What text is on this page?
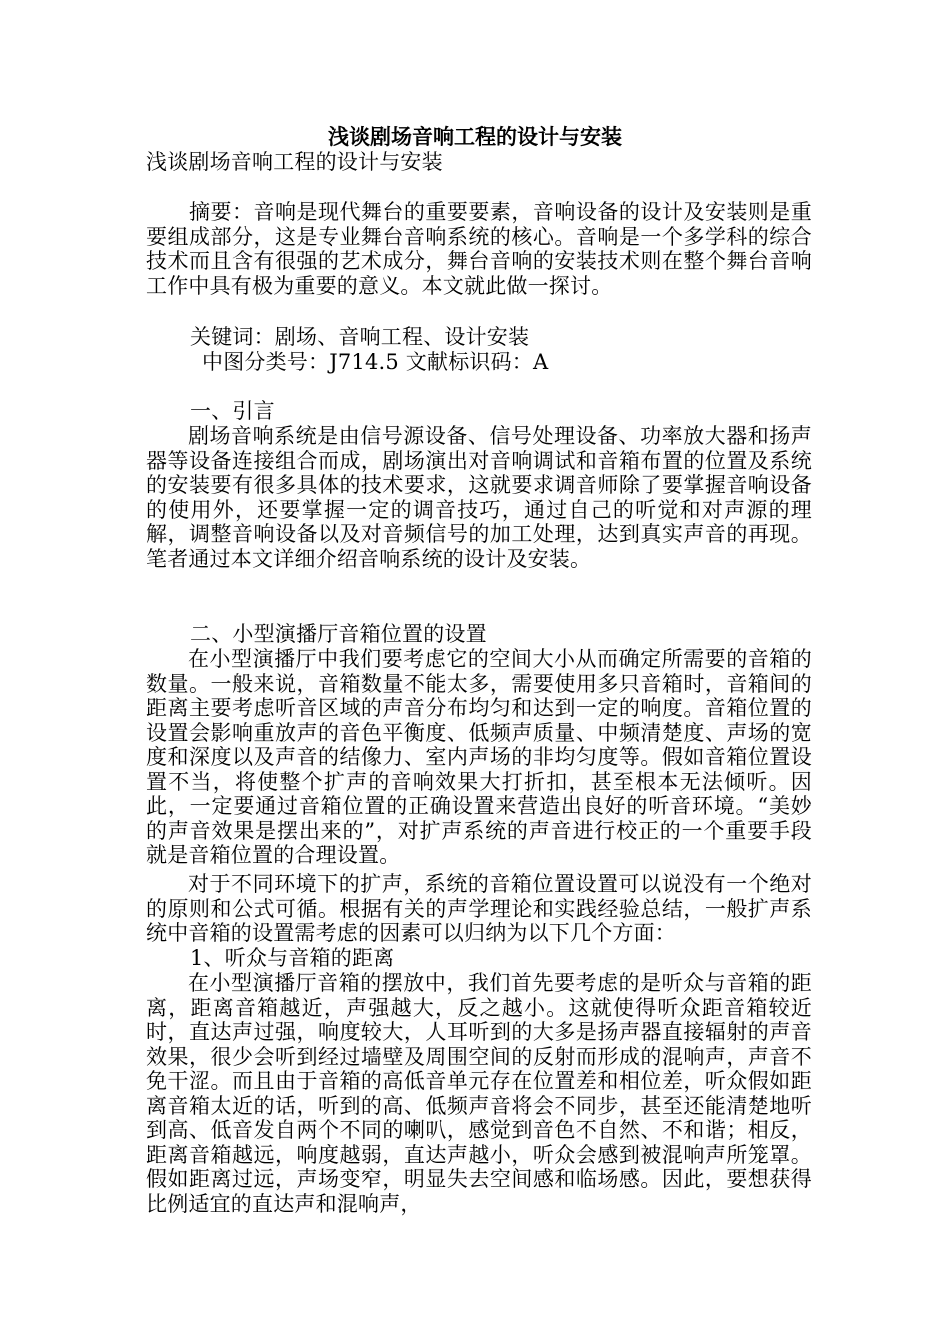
浅谈剧场音响工程的设计与安装
浅谈剧场音响工程的设计与安装
　　摘要：音响是现代舞台的重要要素，音响设备的设计及安装则是重要组成部分，这是专业舞台音响系统的核心。音响是一个多学科的综合技术而且含有很强的艺术成分，舞台音响的安装技术则在整个舞台音响工作中具有极为重要的意义。本文就此做一探讨。
关键词：剧场、音响工程、设计安装
中图分类号：J714.5 文献标识码：A
一、引言
剧场音响系统是由信号源设备、信号处理设备、功率放大器和扬声器等设备连接组合而成，剧场演出对音响调试和音箱布置的位置及系统的安装要有很多具体的技术要求，这就要求调音师除了要掌握音响设备的使用外，还要掌握一定的调音技巧，通过自己的听觉和对声源的理解，调整音响设备以及对音频信号的加工处理，达到真实声音的再现。笔者通过本文详细介绍音响系统的设计及安装。
二、小型演播厅音箱位置的设置
在小型演播厅中我们要考虑它的空间大小从而确定所需要的音箱的数量。一般来说，音箱数量不能太多，需要使用多只音箱时，音箱间的距离主要考虑听音区域的声音分布均匀和达到一定的响度。音箱位置的设置会影响重放声的音色平衡度、低频声质量、中频清楚度、声场的宽度和深度以及声音的结像力、室内声场的非均匀度等。假如音箱位置设置不当，将使整个扩声的音响效果大打折扣，甚至根本无法倾听。因此，一定要通过音箱位置的正确设置来营造出良好的听音环境。“美妙的声音效果是摆出来的”，对扩声系统的声音进行校正的一个重要手段就是音箱位置的合理设置。
对于不同环境下的扩声，系统的音箱位置设置可以说没有一个绝对的原则和公式可循。根据有关的声学理论和实践经验总结，一般扩声系统中音箱的设置需考虑的因素可以归纳为以下几个方面：
1、听众与音箱的距离
在小型演播厅音箱的摆放中，我们首先要考虑的是听众与音箱的距离，距离音箱越近，声强越大，反之越小。这就使得听众距音箱较近时，直达声过强，响度较大，人耳听到的大多是扬声器直接辐射的声音效果，很少会听到经过墙壁及周围空间的反射而形成的混响声，声音不免干涩。而且由于音箱的高低音单元存在位置差和相位差，听众假如距离音箱太近的话，听到的高、低频声音将会不同步，甚至还能清楚地听到高、低音发自两个不同的喇叭，感觉到音色不自然、不和谐；相反，距离音箱越远，响度越弱，直达声越小，听众会感到被混响声所笼罩。假如距离过远，声场变窄，明显失去空间感和临场感。因此，要想获得比例适宜的直达声和混响声，
